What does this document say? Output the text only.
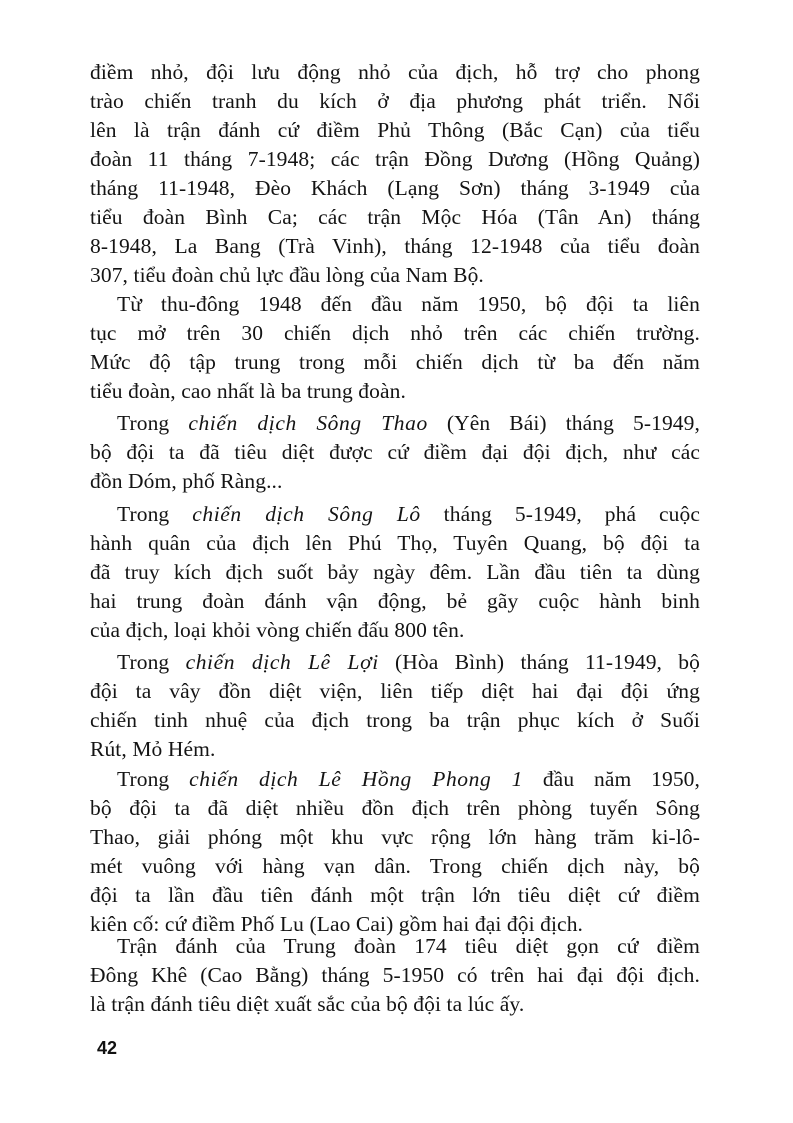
điềm nhỏ, đội lưu động nhỏ của địch, hỗ trợ cho phong
trào chiến tranh du kích ở địa phương phát triển. Nổi
lên là trận đánh cứ điềm Phủ Thông (Bắc Cạn) của tiểu
đoàn 11 tháng 7-1948; các trận Đồng Dương (Hồng Quảng)
tháng 11-1948, Đèo Khách (Lạng Sơn) tháng 3-1949 của
tiểu đoàn Bình Ca; các trận Mộc Hóa (Tân An) tháng
8-1948, La Bang (Trà Vinh), tháng 12-1948 của tiểu đoàn
307, tiểu đoàn chủ lực đầu lòng của Nam Bộ.
Từ thu-đông 1948 đến đầu năm 1950, bộ đội ta liên
tục mở trên 30 chiến dịch nhỏ trên các chiến trường.
Mức độ tập trung trong mỗi chiến dịch từ ba đến năm
tiểu đoàn, cao nhất là ba trung đoàn.
Trong chiến dịch Sông Thao (Yên Bái) tháng 5-1949,
bộ đội ta đã tiêu diệt được cứ điềm đại đội địch, như các
đồn Dóm, phố Ràng...
Trong chiến dịch Sông Lô tháng 5-1949, phá cuộc
hành quân của địch lên Phú Thọ, Tuyên Quang, bộ đội ta
đã truy kích địch suốt bảy ngày đêm. Lần đầu tiên ta dùng
hai trung đoàn đánh vận động, bẻ gãy cuộc hành binh
của địch, loại khỏi vòng chiến đấu 800 tên.
Trong chiến dịch Lê Lợi (Hòa Bình) tháng 11-1949, bộ
đội ta vây đồn diệt viện, liên tiếp diệt hai đại đội ứng
chiến tinh nhuệ của địch trong ba trận phục kích ở Suối
Rút, Mỏ Hém.
Trong chiến dịch Lê Hồng Phong 1 đầu năm 1950,
bộ đội ta đã diệt nhiều đồn địch trên phòng tuyến Sông
Thao, giải phóng một khu vực rộng lớn hàng trăm ki-lô-
mét vuông với hàng vạn dân. Trong chiến dịch này, bộ
đội ta lần đầu tiên đánh một trận lớn tiêu diệt cứ điềm
kiên cố: cứ điềm Phố Lu (Lao Cai) gồm hai đại đội địch.
Trận đánh của Trung đoàn 174 tiêu diệt gọn cứ điềm
Đông Khê (Cao Bằng) tháng 5-1950 có trên hai đại đội địch.
là trận đánh tiêu diệt xuất sắc của bộ đội ta lúc ấy.
42
